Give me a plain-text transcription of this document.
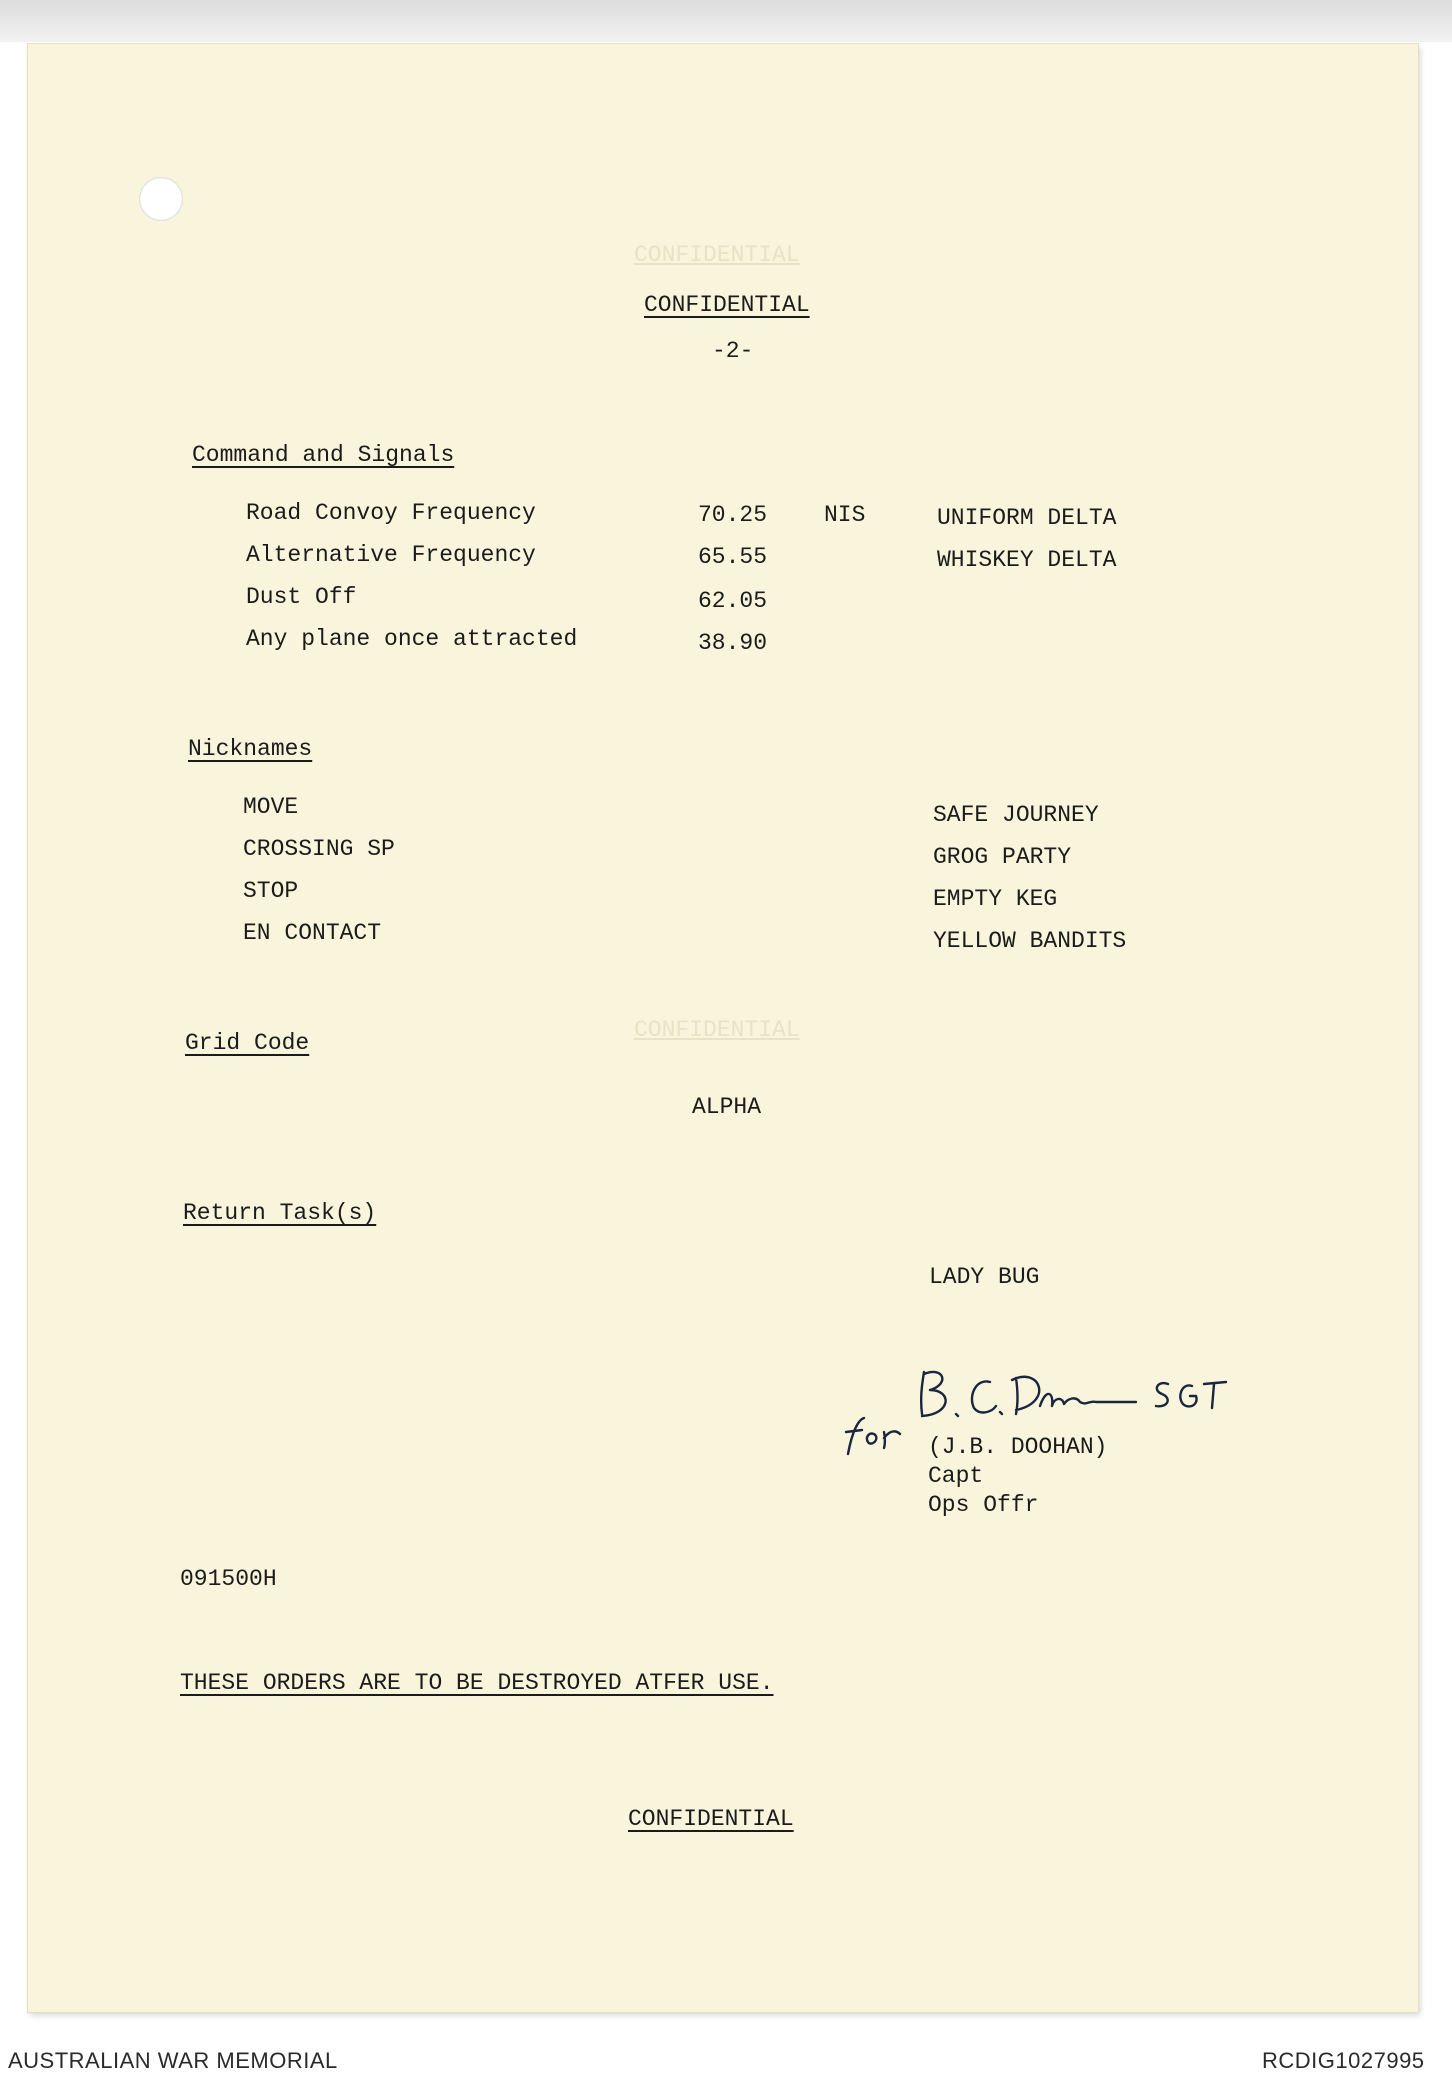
CONFIDENTIAL
CONFIDENTIAL
CONFIDENTIAL
-2-
Command and Signals
Road Convoy Frequency	70.25 NIS	UNIFORM DELTA
Alternative Frequency	65.55	WHISKEY DELTA
Dust Off	62.05
Any plane once attracted	38.90
Nicknames
MOVE	SAFE JOURNEY
CROSSING SP	GROG PARTY
STOP	EMPTY KEG
EN CONTACT	YELLOW BANDITS
Grid Code
ALPHA
Return Task(s)
LADY BUG
(J.B. DOOHAN)
Capt
Ops Offr
091500H
THESE ORDERS ARE TO BE DESTROYED ATFER USE.
CONFIDENTIAL
AUSTRALIAN WAR MEMORIAL	RCDIG1027995
